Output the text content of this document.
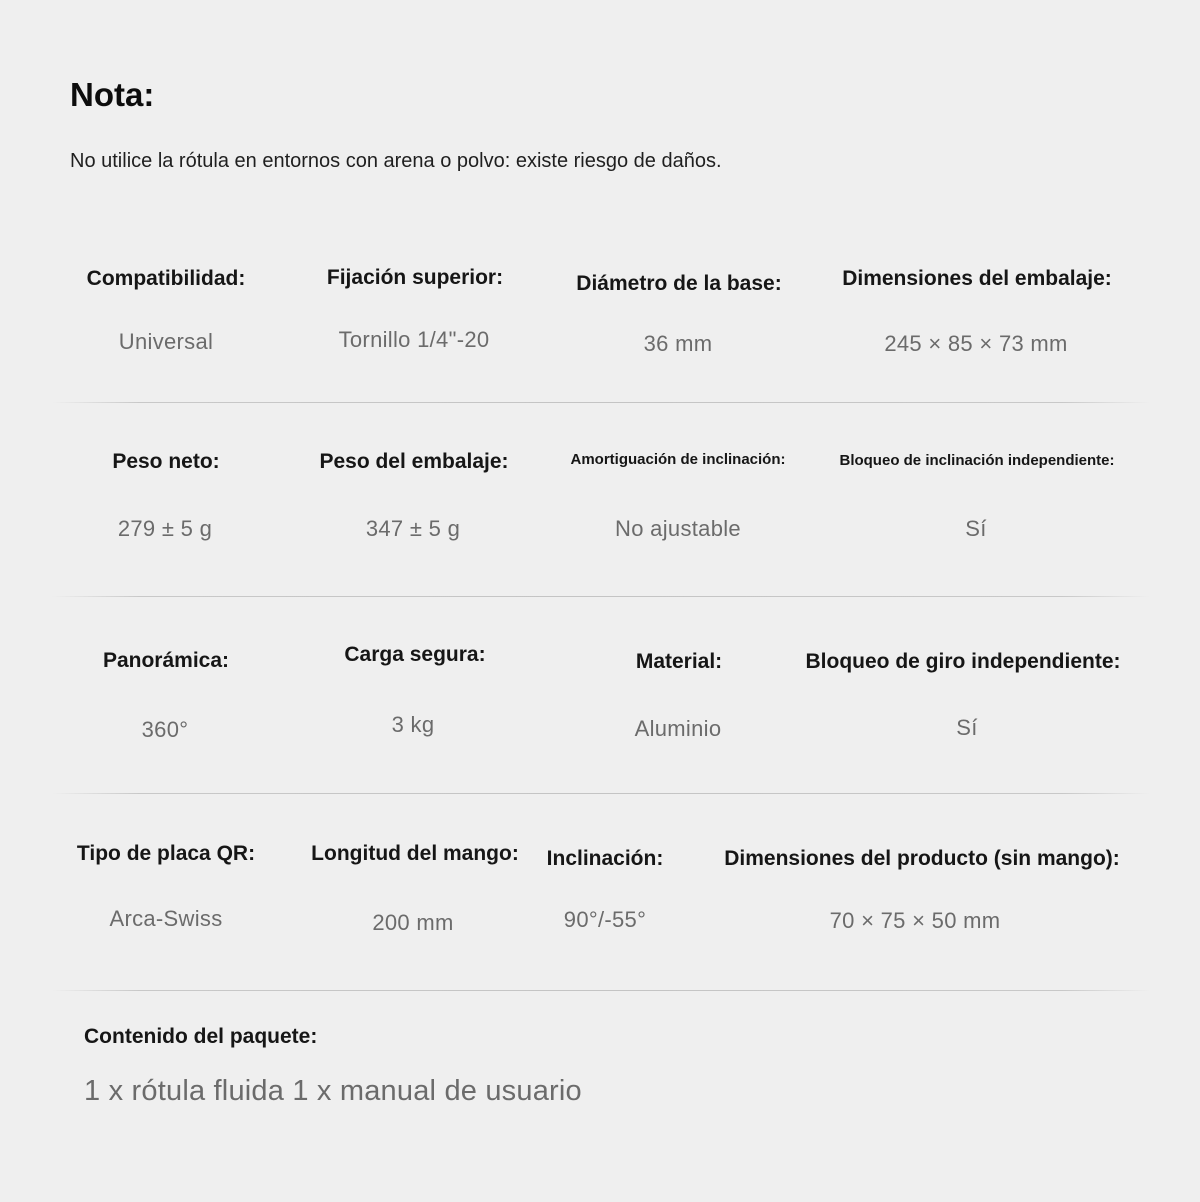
Nota:

No utilice la rótula en entornos con arena o polvo: existe riesgo de daños.

Compatibilidad:
Universal
Fijación superior:
Tornillo 1/4"-20
Diámetro de la base:
36 mm
Dimensiones del embalaje:
245 × 85 × 73 mm
Peso neto:
279 ± 5 g
Peso del embalaje:
347 ± 5 g
Amortiguación de inclinación:
No ajustable
Bloqueo de inclinación independiente:
Sí
Panorámica:
360°
Carga segura:
3 kg
Material:
Aluminio
Bloqueo de giro independiente:
Sí
Tipo de placa QR:
Arca-Swiss
Longitud del mango:
200 mm
Inclinación:
90°/-55°
Dimensiones del producto (sin mango):
70 × 75 × 50 mm
Contenido del paquete:

1 x rótula fluida 1 x manual de usuario
